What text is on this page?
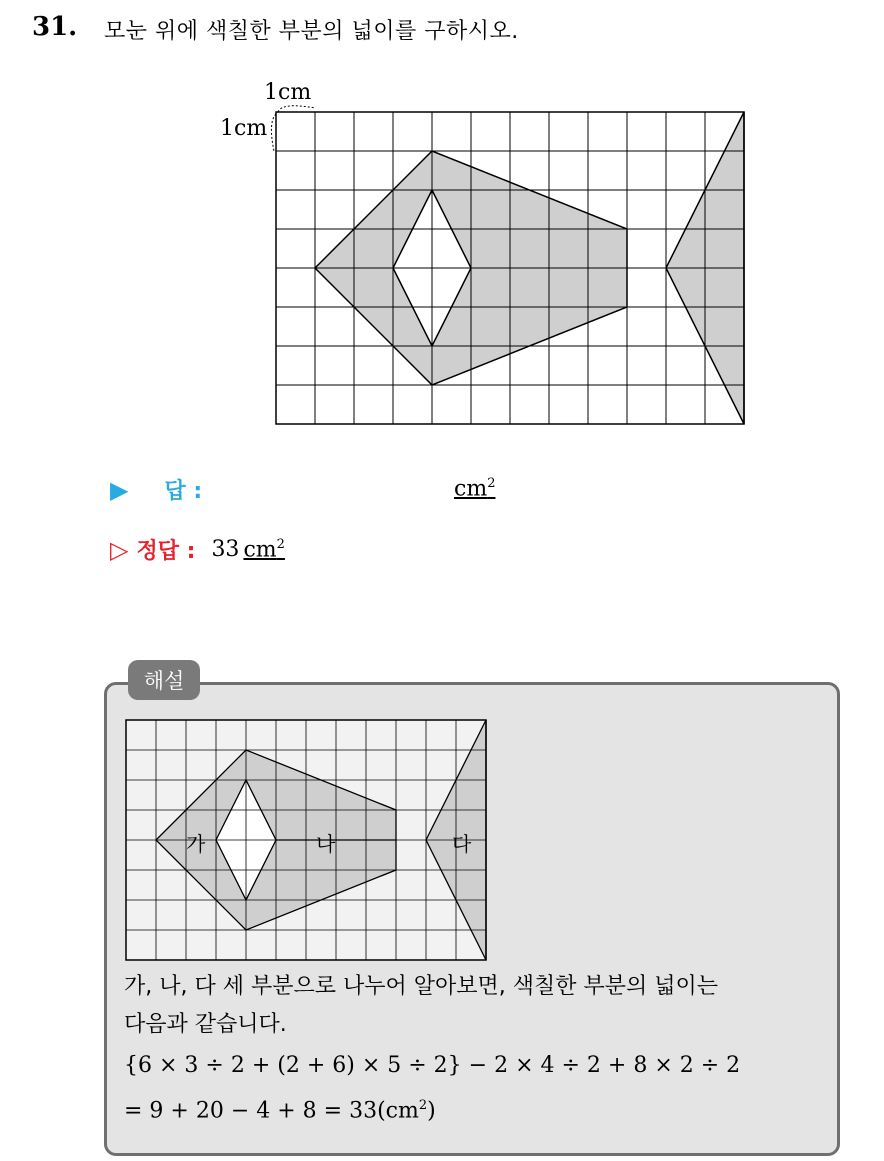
31. 모눈 위에 색칠한 부분의 넓이를 구하시오.
1cm
1cm
▶ 답 :	$cm^2$
▷ 정답 : 33 $cm^2$
해설
가	나	다
가, 나, 다 세 부분으로 나누어 알아보면, 색칠한 부분의 넓이는
다음과 같습니다.
{6 × 3 ÷ 2 + (2 + 6) × 5 ÷ 2} − 2 × 4 ÷ 2 + 8 × 2 ÷ 2
= $9 + 20 - 4 + 8 = 33(cm^2)$
